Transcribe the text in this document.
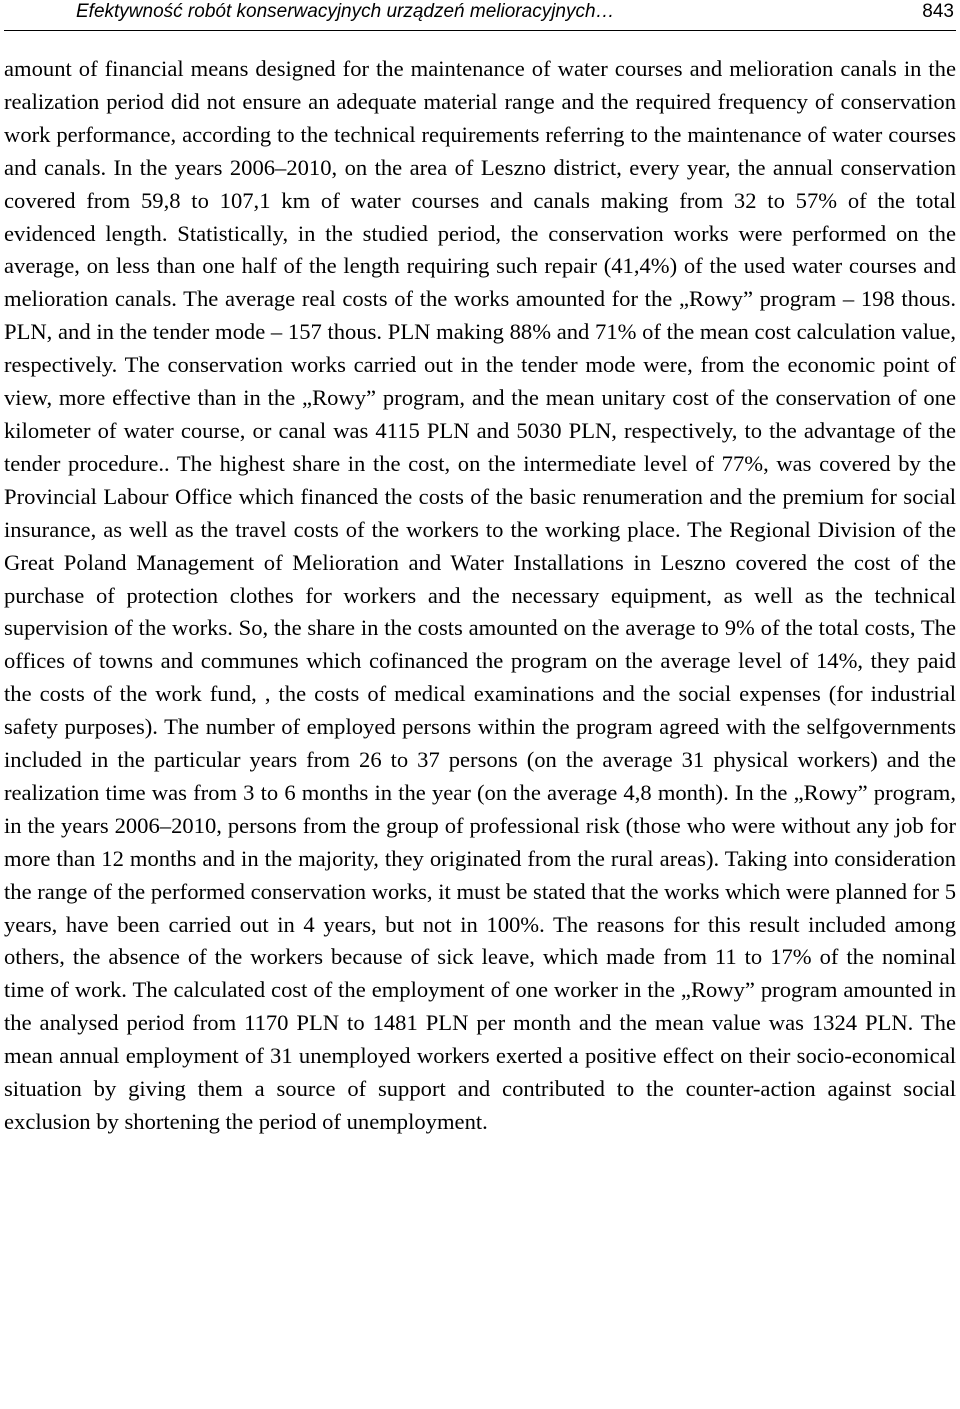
Efektywność robót konserwacyjnych urządzeń melioracyjnych…	843

amount of financial means designed for the maintenance of water courses and melioration canals in the realization period did not ensure an adequate material range and the required frequency of conservation work performance, according to the technical requirements referring to the maintenance of water courses and canals. In the years 2006–2010, on the area of Leszno district, every year, the annual conservation covered from 59,8 to 107,1 km of water courses and canals making from 32 to 57% of the total evidenced length. Statistically, in the studied period, the conservation works were performed on the average, on less than one half of the length requiring such repair (41,4%) of the used water courses and melioration canals. The average real costs of the works amounted for the „Rowy” program – 198 thous. PLN, and in the tender mode – 157 thous. PLN making 88% and 71% of the mean cost calculation value, respectively. The conservation works carried out in the tender mode were, from the economic point of view, more effective than in the „Rowy” program, and the mean unitary cost of the conservation of one kilometer of water course, or canal was 4115 PLN and 5030 PLN, respectively, to the advantage of the tender procedure.. The highest share in the cost, on the intermediate level of 77%, was covered by the Provincial Labour Office which financed the costs of the basic renumeration and the premium for social insurance, as well as the travel costs of the workers to the working place. The Regional Division of the Great Poland Management of Melioration and Water Installations in Leszno covered the cost of the purchase of protection clothes for workers and the necessary equipment, as well as the technical supervision of the works. So, the share in the costs amounted on the average to 9% of the total costs, The offices of towns and communes which cofinanced the program on the average level of 14%, they paid the costs of the work fund, , the costs of medical examinations and the social expenses (for industrial safety purposes). The number of employed persons within the program agreed with the selfgovernments included in the particular years from 26 to 37 persons (on the average 31 physical workers) and the realization time was from 3 to 6 months in the year (on the average 4,8 month). In the „Rowy” program, in the years 2006–2010, persons from the group of professional risk (those who were without any job for more than 12 months and in the majority, they originated from the rural areas). Taking into consideration the range of the performed conservation works, it must be stated that the works which were planned for 5 years, have been carried out in 4 years, but not in 100%. The reasons for this result included among others, the absence of the workers because of sick leave, which made from 11 to 17% of the nominal time of work. The calculated cost of the employment of one worker in the „Rowy” program amounted in the analysed period from 1170 PLN to 1481 PLN per month and the mean value was 1324 PLN. The mean annual employment of 31 unemployed workers exerted a positive effect on their socio-economical situation by giving them a source of support and contributed to the counter-action against social exclusion by shortening the period of unemployment.
